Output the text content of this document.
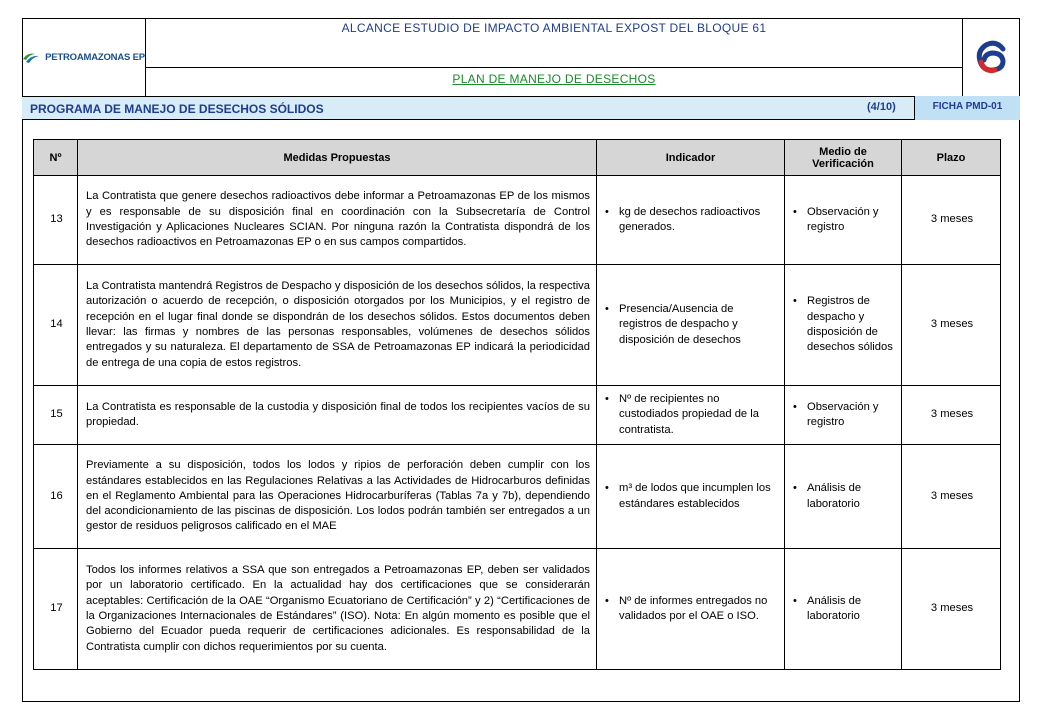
PETROAMAZONAS EP
ALCANCE ESTUDIO DE IMPACTO AMBIENTAL EXPOST DEL BLOQUE 61
PLAN DE MANEJO DE DESECHOS
PROGRAMA DE MANEJO DE DESECHOS SÓLIDOS	(4/10)	FICHA PMD-01
Nº	Medidas Propuestas	Indicador	Medio de Verificación	Plazo
13	La Contratista que genere desechos radioactivos debe informar a Petroamazonas EP de los mismos y es responsable de su disposición final en coordinación con la Subsecretaría de Control Investigación y Aplicaciones Nucleares SCIAN. Por ninguna razón la Contratista dispondrá de los desechos radioactivos en Petroamazonas EP o en sus campos compartidos.	• kg de desechos radioactivos generados.	• Observación y registro	3 meses
14	La Contratista mantendrá Registros de Despacho y disposición de los desechos sólidos, la respectiva autorización o acuerdo de recepción, o disposición otorgados por los Municipios, y el registro de recepción en el lugar final donde se dispondrán de los desechos sólidos. Estos documentos deben llevar: las firmas y nombres de las personas responsables, volúmenes de desechos sólidos entregados y su naturaleza. El departamento de SSA de Petroamazonas EP indicará la periodicidad de entrega de una copia de estos registros.	• Presencia/Ausencia de registros de despacho y disposición de desechos	• Registros de despacho y disposición de desechos sólidos	3 meses
15	La Contratista es responsable de la custodia y disposición final de todos los recipientes vacíos de su propiedad.	• Nº de recipientes no custodiados propiedad de la contratista.	• Observación y registro	3 meses
16	Previamente a su disposición, todos los lodos y ripios de perforación deben cumplir con los estándares establecidos en las Regulaciones Relativas a las Actividades de Hidrocarburos definidas en el Reglamento Ambiental para las Operaciones Hidrocarburíferas (Tablas 7a y 7b), dependiendo del acondicionamiento de las piscinas de disposición. Los lodos podrán también ser entregados a un gestor de residuos peligrosos calificado en el MAE	• m³ de lodos que incumplen los estándares establecidos	• Análisis de laboratorio	3 meses
17	Todos los informes relativos a SSA que son entregados a Petroamazonas EP, deben ser validados por un laboratorio certificado. En la actualidad hay dos certificaciones que se considerarán aceptables: Certificación de la OAE “Organismo Ecuatoriano de Certificación” y 2) “Certificaciones de la Organizaciones Internacionales de Estándares” (ISO). Nota: En algún momento es posible que el Gobierno del Ecuador pueda requerir de certificaciones adicionales. Es responsabilidad de la Contratista cumplir con dichos requerimientos por su cuenta.	• Nº de informes entregados no validados por el OAE o ISO.	• Análisis de laboratorio	3 meses
